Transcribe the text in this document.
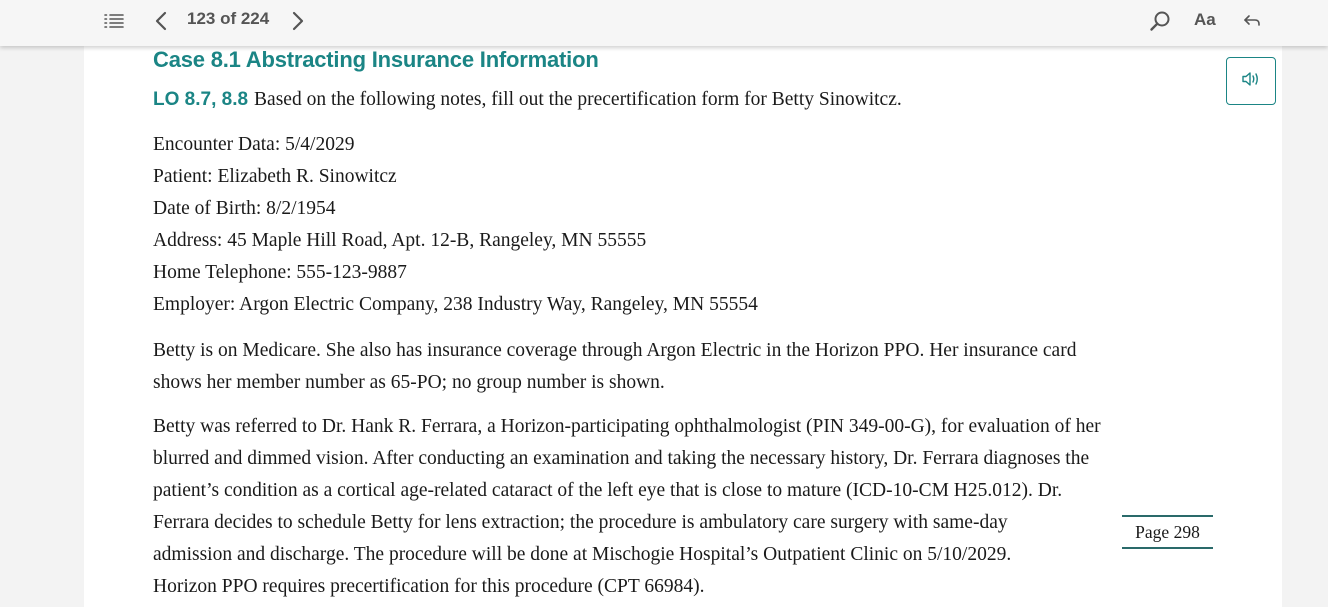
123 of 224	Aa
Case 8.1 Abstracting Insurance Information
LO 8.7, 8.8 Based on the following notes, fill out the precertification form for Betty Sinowitcz.
Encounter Data: 5/4/2029
Patient: Elizabeth R. Sinowitcz
Date of Birth: 8/2/1954
Address: 45 Maple Hill Road, Apt. 12-B, Rangeley, MN 55555
Home Telephone: 555-123-9887
Employer: Argon Electric Company, 238 Industry Way, Rangeley, MN 55554
Betty is on Medicare. She also has insurance coverage through Argon Electric in the Horizon PPO. Her insurance card
shows her member number as 65-PO; no group number is shown.
Betty was referred to Dr. Hank R. Ferrara, a Horizon-participating ophthalmologist (PIN 349-00-G), for evaluation of her
blurred and dimmed vision. After conducting an examination and taking the necessary history, Dr. Ferrara diagnoses the
patient’s condition as a cortical age-related cataract of the left eye that is close to mature (ICD-10-CM H25.012). Dr.
Ferrara decides to schedule Betty for lens extraction; the procedure is ambulatory care surgery with same-day
admission and discharge. The procedure will be done at Mischogie Hospital’s Outpatient Clinic on 5/10/2029.
Horizon PPO requires precertification for this procedure (CPT 66984).
Page 298
